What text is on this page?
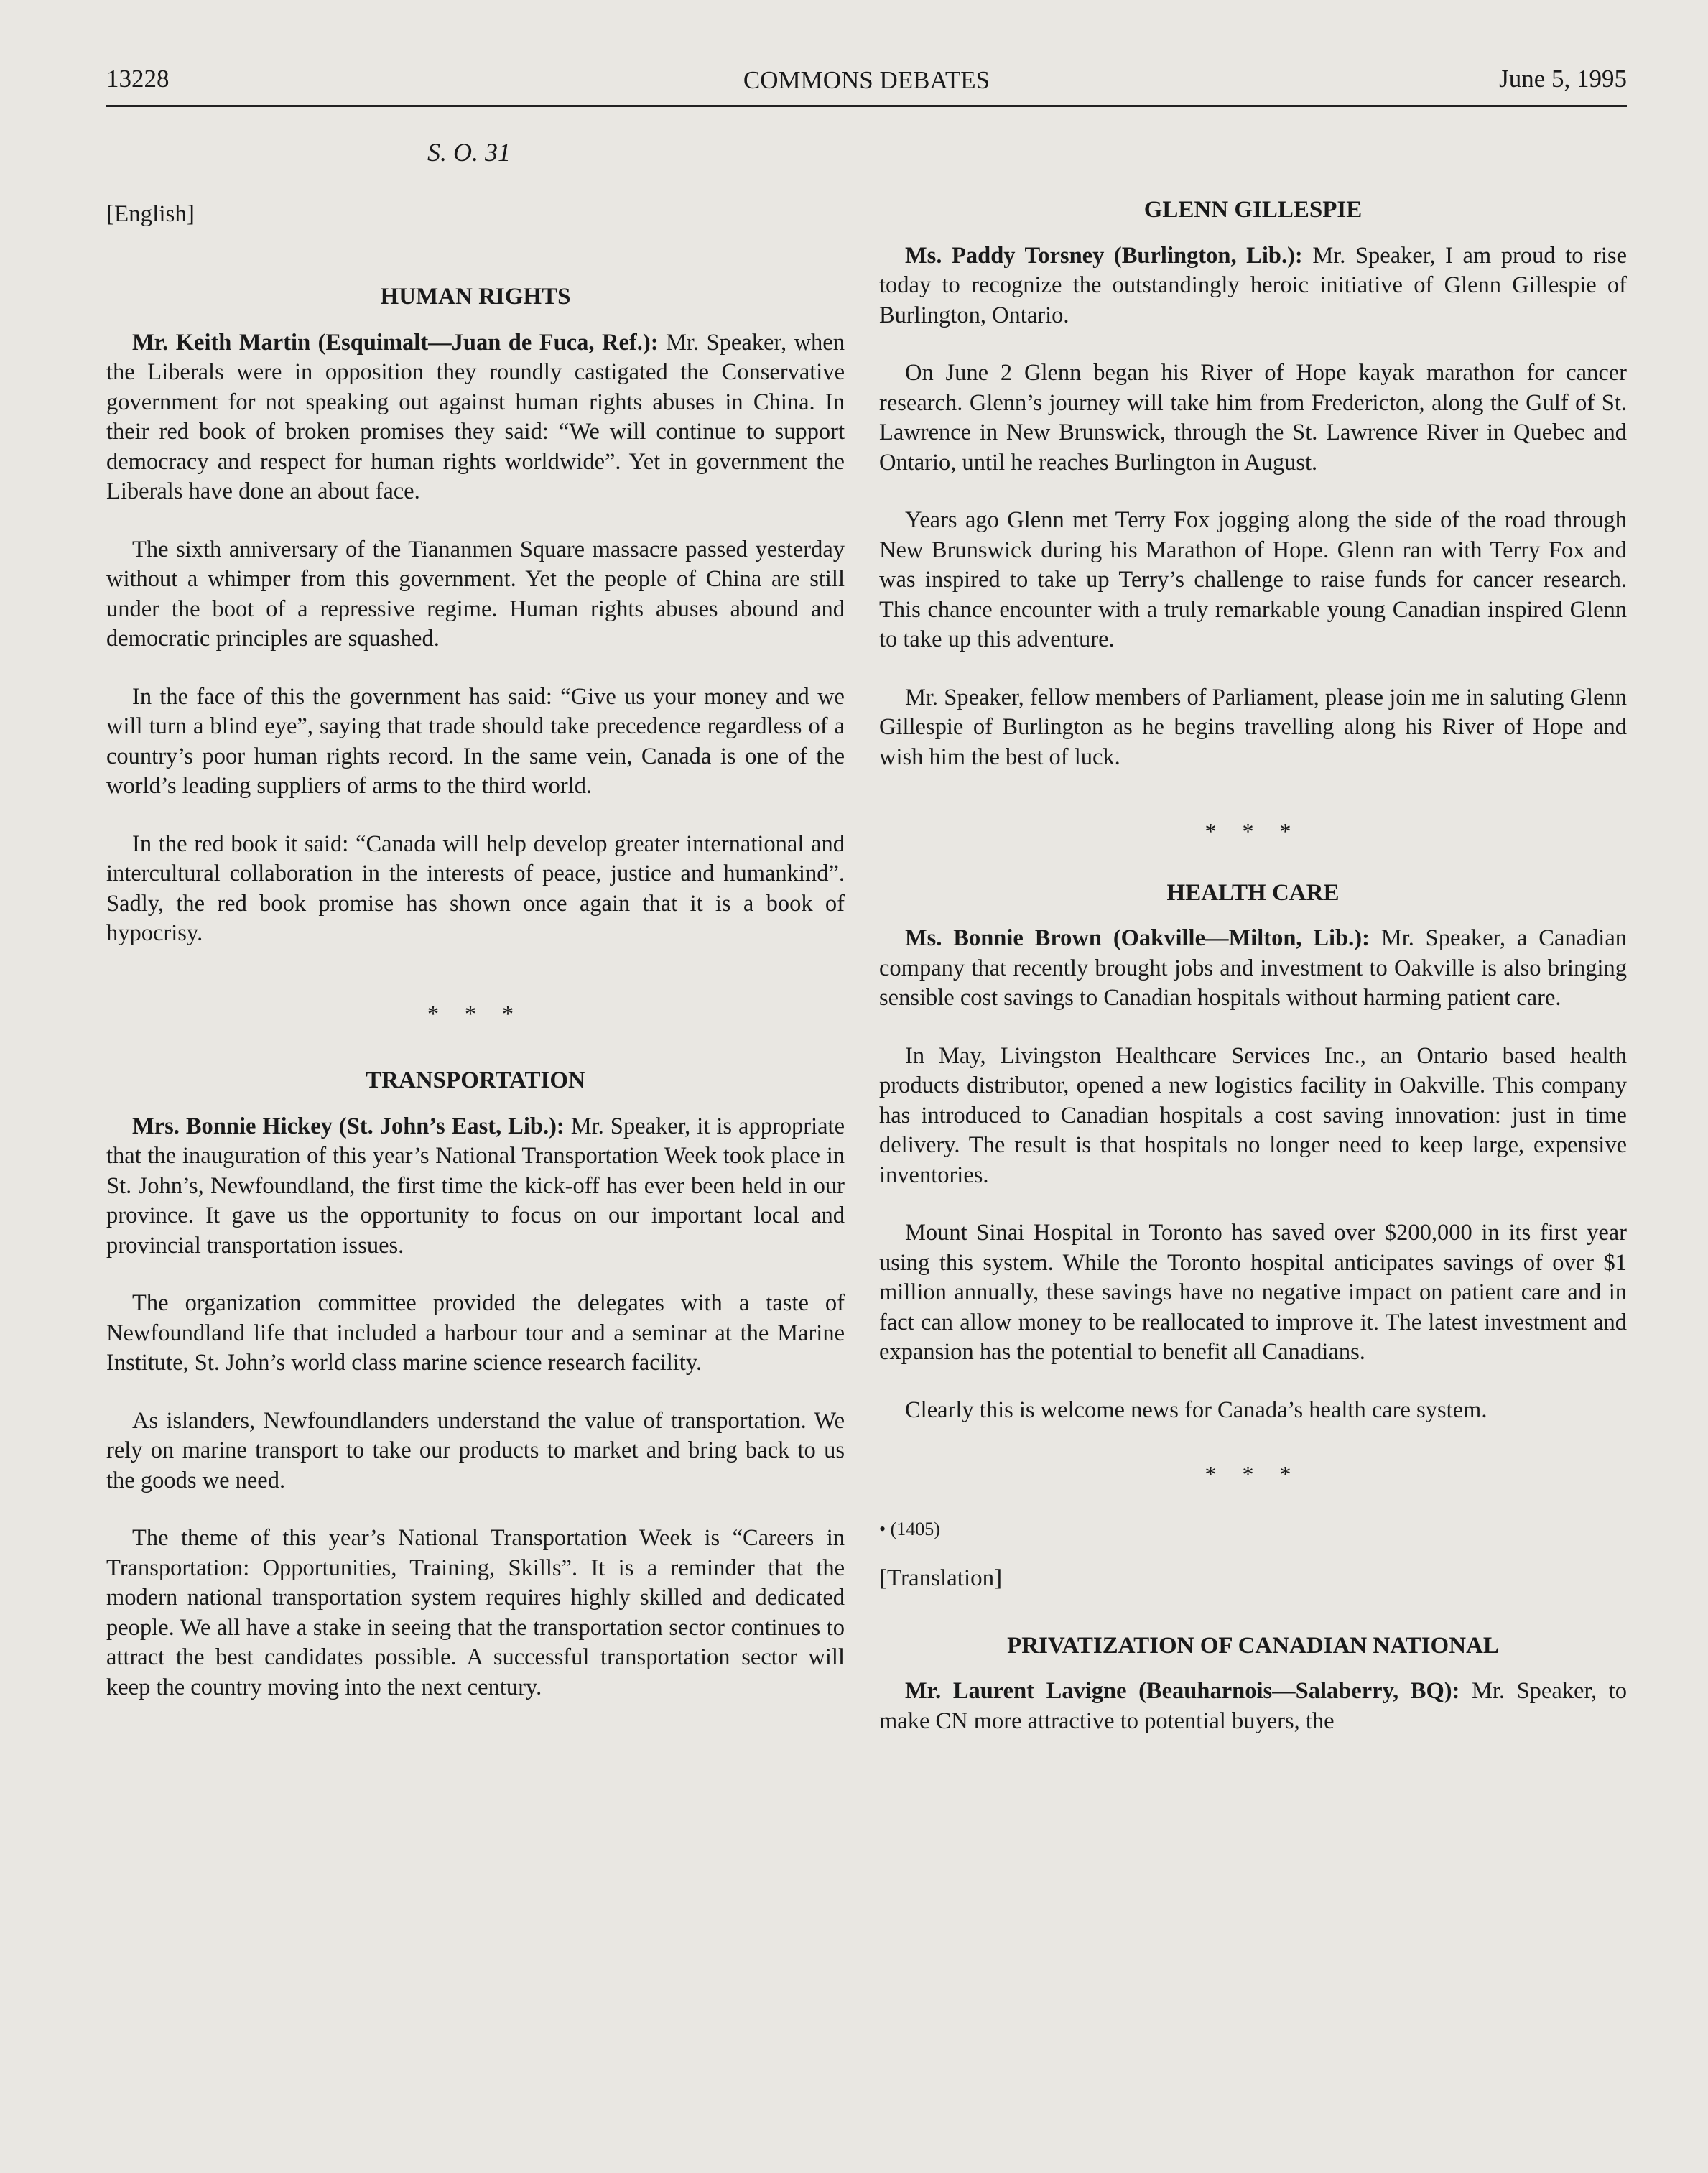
13228	COMMONS DEBATES	June 5, 1995

S. O. 31

[English]

HUMAN RIGHTS

Mr. Keith Martin (Esquimalt—Juan de Fuca, Ref.): Mr. Speaker, when the Liberals were in opposition they roundly castigated the Conservative government for not speaking out against human rights abuses in China. In their red book of broken promises they said: “We will continue to support democracy and respect for human rights worldwide”. Yet in government the Liberals have done an about face.

The sixth anniversary of the Tiananmen Square massacre passed yesterday without a whimper from this government. Yet the people of China are still under the boot of a repressive regime. Human rights abuses abound and democratic principles are squashed.

In the face of this the government has said: “Give us your money and we will turn a blind eye”, saying that trade should take precedence regardless of a country’s poor human rights record. In the same vein, Canada is one of the world’s leading suppliers of arms to the third world.

In the red book it said: “Canada will help develop greater international and intercultural collaboration in the interests of peace, justice and humankind”. Sadly, the red book promise has shown once again that it is a book of hypocrisy.

* * *

TRANSPORTATION

Mrs. Bonnie Hickey (St. John’s East, Lib.): Mr. Speaker, it is appropriate that the inauguration of this year’s National Transportation Week took place in St. John’s, Newfoundland, the first time the kick-off has ever been held in our province. It gave us the opportunity to focus on our important local and provincial transportation issues.

The organization committee provided the delegates with a taste of Newfoundland life that included a harbour tour and a seminar at the Marine Institute, St. John’s world class marine science research facility.

As islanders, Newfoundlanders understand the value of transportation. We rely on marine transport to take our products to market and bring back to us the goods we need.

The theme of this year’s National Transportation Week is “Careers in Transportation: Opportunities, Training, Skills”. It is a reminder that the modern national transportation system requires highly skilled and dedicated people. We all have a stake in seeing that the transportation sector continues to attract the best candidates possible. A successful transportation sector will keep the country moving into the next century.

GLENN GILLESPIE

Ms. Paddy Torsney (Burlington, Lib.): Mr. Speaker, I am proud to rise today to recognize the outstandingly heroic initiative of Glenn Gillespie of Burlington, Ontario.

On June 2 Glenn began his River of Hope kayak marathon for cancer research. Glenn’s journey will take him from Fredericton, along the Gulf of St. Lawrence in New Brunswick, through the St. Lawrence River in Quebec and Ontario, until he reaches Burlington in August.

Years ago Glenn met Terry Fox jogging along the side of the road through New Brunswick during his Marathon of Hope. Glenn ran with Terry Fox and was inspired to take up Terry’s challenge to raise funds for cancer research. This chance encounter with a truly remarkable young Canadian inspired Glenn to take up this adventure.

Mr. Speaker, fellow members of Parliament, please join me in saluting Glenn Gillespie of Burlington as he begins travelling along his River of Hope and wish him the best of luck.

* * *

HEALTH CARE

Ms. Bonnie Brown (Oakville—Milton, Lib.): Mr. Speaker, a Canadian company that recently brought jobs and investment to Oakville is also bringing sensible cost savings to Canadian hospitals without harming patient care.

In May, Livingston Healthcare Services Inc., an Ontario based health products distributor, opened a new logistics facility in Oakville. This company has introduced to Canadian hospitals a cost saving innovation: just in time delivery. The result is that hospitals no longer need to keep large, expensive inventories.

Mount Sinai Hospital in Toronto has saved over $200,000 in its first year using this system. While the Toronto hospital anticipates savings of over $1 million annually, these savings have no negative impact on patient care and in fact can allow money to be reallocated to improve it. The latest investment and expansion has the potential to benefit all Canadians.

Clearly this is welcome news for Canada’s health care system.

* * *

• (1405)

[Translation]

PRIVATIZATION OF CANADIAN NATIONAL

Mr. Laurent Lavigne (Beauharnois—Salaberry, BQ): Mr. Speaker, to make CN more attractive to potential buyers, the
